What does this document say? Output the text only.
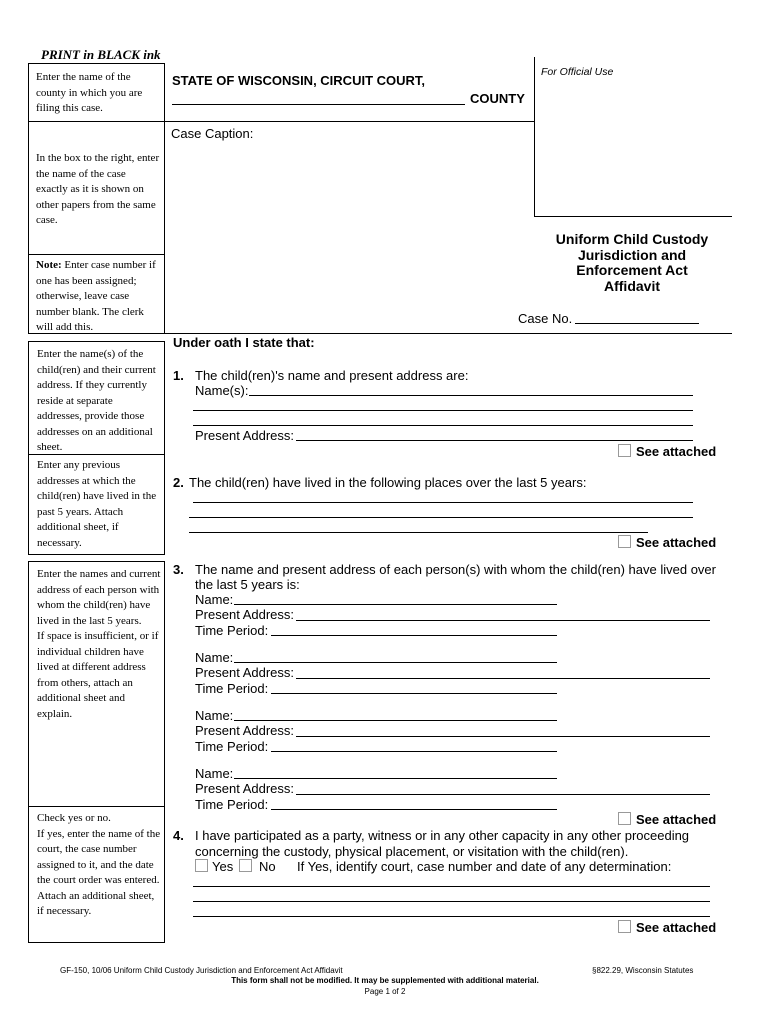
PRINT in BLACK ink
Enter the name of the county in which you are filing this case.
In the box to the right, enter the name of the case exactly as it is shown on other papers from the same case.
Note: Enter case number if one has been assigned; otherwise, leave case number blank. The clerk will add this.
Enter the name(s) of the child(ren) and their current address. If they currently reside at separate addresses, provide those addresses on an additional sheet.
Enter any previous addresses at which the child(ren) have lived in the past 5 years. Attach additional sheet, if necessary.
Enter the names and current address of each person with whom the child(ren) have lived in the last 5 years.
If space is insufficient, or if individual children have lived at different address from others, attach an additional sheet and explain.
Check yes or no.
If yes, enter the name of the court, the case number assigned to it, and the date the court order was entered. Attach an additional sheet, if necessary.
STATE OF WISCONSIN, CIRCUIT COURT,
COUNTY
For Official Use
Case Caption:
Uniform Child Custody
Jurisdiction and
Enforcement Act
Affidavit
Case No.
Under oath I state that:
1. The child(ren)'s name and present address are:
Name(s):
Present Address:
See attached
2. The child(ren) have lived in the following places over the last 5 years:
See attached
3. The name and present address of each person(s) with whom the child(ren) have lived over
the last 5 years is:
Name:
Present Address:
Time Period:
Name:
Present Address:
Time Period:
Name:
Present Address:
Time Period:
Name:
Present Address:
Time Period:
See attached
4. I have participated as a party, witness or in any other capacity in any other proceeding
concerning the custody, physical placement, or visitation with the child(ren).
Yes No If Yes, identify court, case number and date of any determination:
See attached
GF-150, 10/06 Uniform Child Custody Jurisdiction and Enforcement Act Affidavit	§822.29, Wisconsin Statutes
This form shall not be modified. It may be supplemented with additional material.
Page 1 of 2
